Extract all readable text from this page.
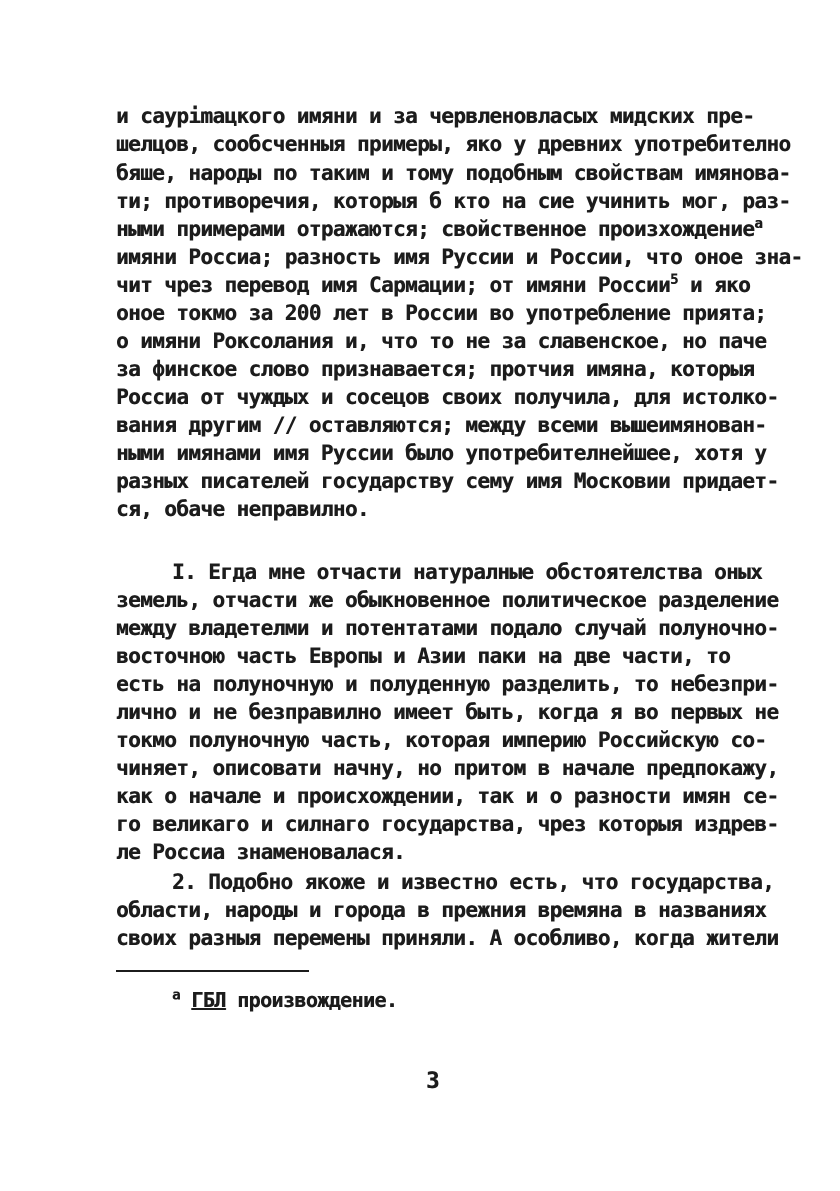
и саурimaцкого имяни и за червленовласых мидских пре-
шелцов, сообсченныя примеры, яко у древних употребително
бяше, народы по таким и тому подобным свойствам имянова-
ти; противоречия, которыя б кто на сие учинить мог, раз-
ными примерами отражаются; свойственное произхождение$^а$
имяни Россиа; разность имя Руссии и России, что оное зна-
чит чрез перевод имя Сармации; от имяни России$^5$ и яко
оное токмо за 200 лет в России во употребление прията;
о имяни Роксолания и, что то не за славенское, но паче
за финское слово признавается; протчия имяна, которыя
Россиа от чуждых и сосецов своих получила, для истолко-
вания другим // оставляются; между всеми вышеимянован-
ными имянами имя Руссии было употребителнейшее, хотя у
разных писателей государству сему имя Московии придает-
ся, обаче неправилно.
I. Егда мне отчасти натуралные обстоятелства оных
земель, отчасти же обыкновенное политическое разделение
между владетелми и потентатами подало случай полуночно-
восточною часть Европы и Азии паки на две части, то
есть на полуночную и полуденную разделить, то небезпри-
лично и не безправилно имеет быть, когда я во первых не
токмо полуночную часть, которая империю Российскую со-
чиняет, описовати начну, но притом в начале предпокажу,
как о начале и происхождении, так и о разности имян се-
го великаго и силнаго государства, чрез которыя издрев-
ле Россиа знаменовалася.
2. Подобно якоже и известно есть, что государства,
области, народы и города в прежния времяна в названиях
своих разныя перемены приняли. А особливо, когда жители
$^а$ ГБЛ произвождение.
3
